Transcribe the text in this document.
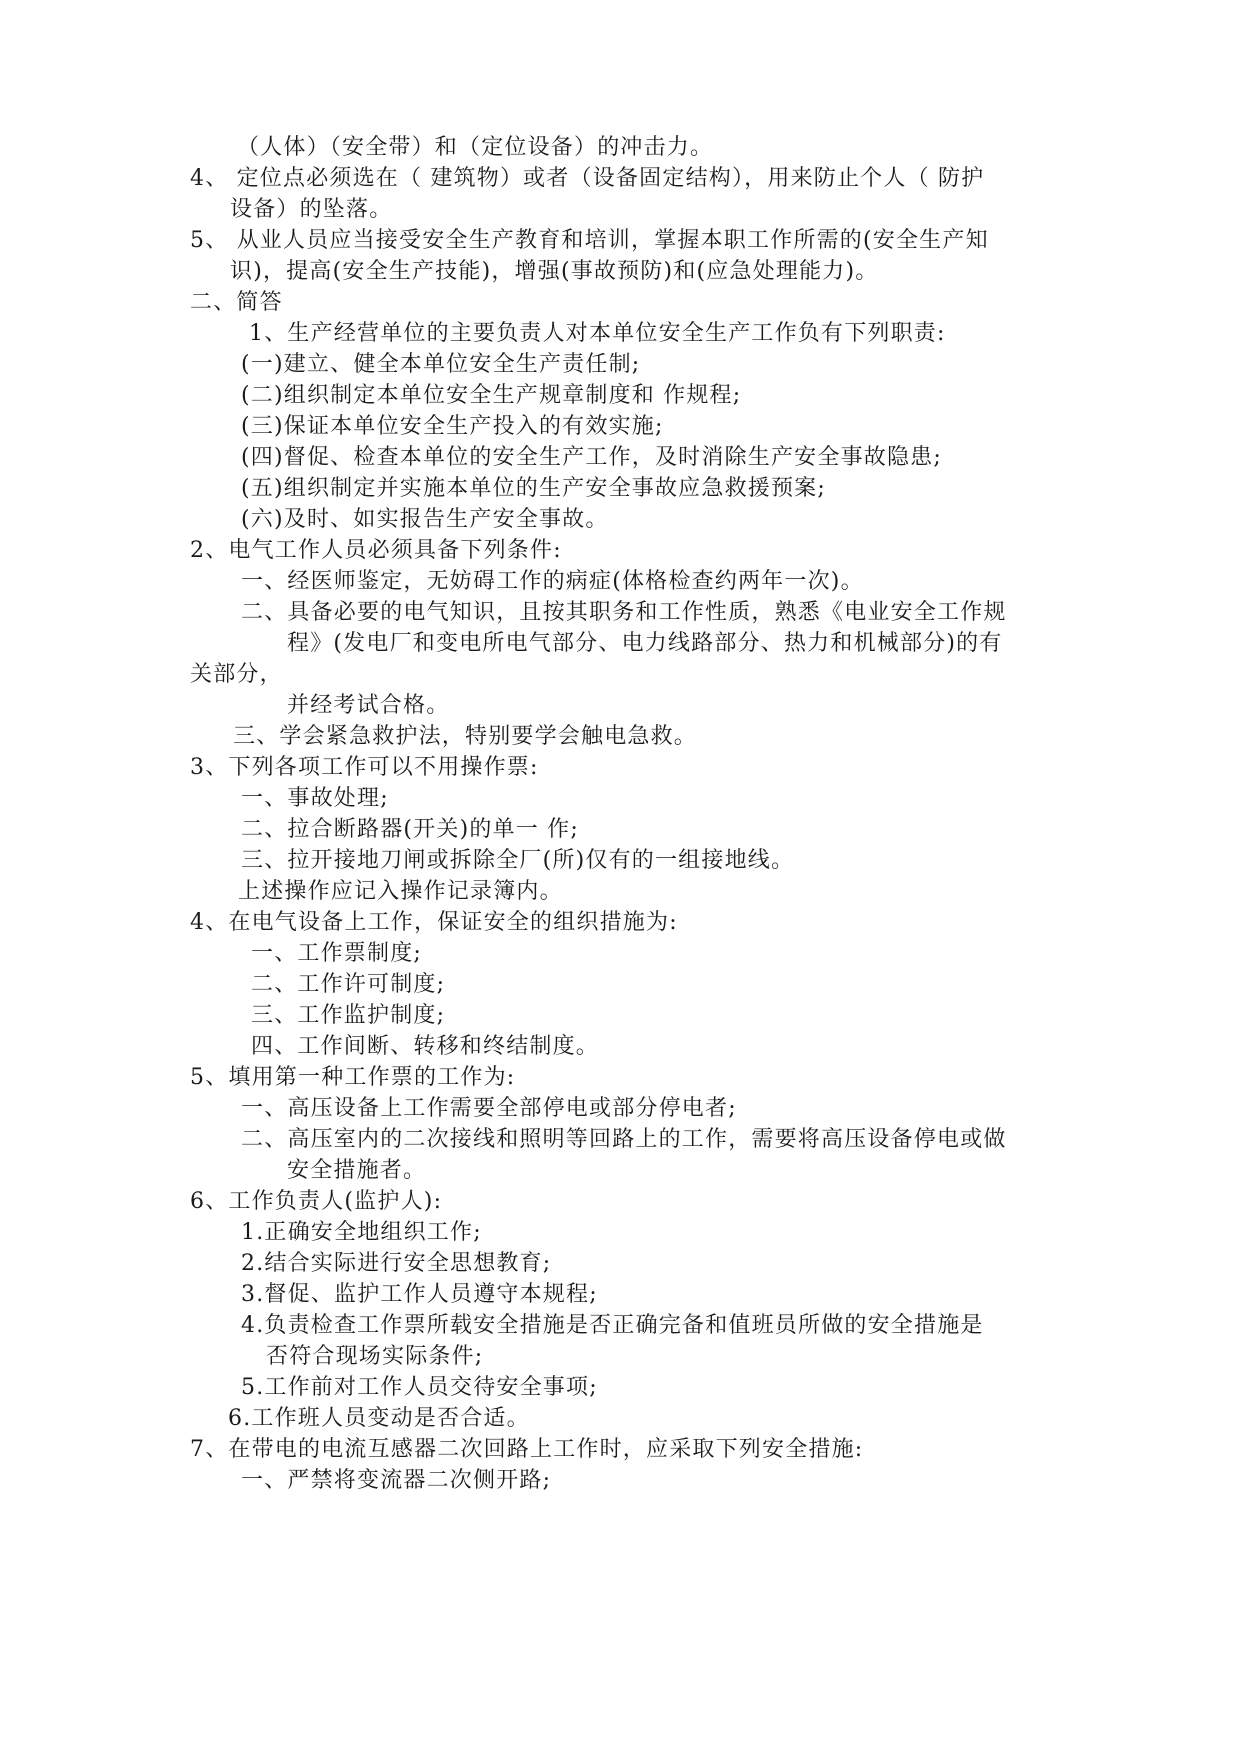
（人体）（安全带）和（定位设备）的冲击力。
4、 定位点必须选在（ 建筑物）或者（设备固定结构），用来防止个人（ 防护
设备）的坠落。
5、 从业人员应当接受安全生产教育和培训，掌握本职工作所需的(安全生产知
识)，提高(安全生产技能)，增强(事故预防)和(应急处理能力)。
二、简答
1、生产经营单位的主要负责人对本单位安全生产工作负有下列职责:
(一)建立、健全本单位安全生产责任制;
(二)组织制定本单位安全生产规章制度和 作规程;
(三)保证本单位安全生产投入的有效实施;
(四)督促、检查本单位的安全生产工作，及时消除生产安全事故隐患;
(五)组织制定并实施本单位的生产安全事故应急救援预案;
(六)及时、如实报告生产安全事故。
2、电气工作人员必须具备下列条件:
一、经医师鉴定，无妨碍工作的病症(体格检查约两年一次)。
二、具备必要的电气知识，且按其职务和工作性质，熟悉《电业安全工作规
程》(发电厂和变电所电气部分、电力线路部分、热力和机械部分)的有
关部分，
并经考试合格。
三、学会紧急救护法，特别要学会触电急救。
3、下列各项工作可以不用操作票:
一、事故处理;
二、拉合断路器(开关)的单一 作;
三、拉开接地刀闸或拆除全厂(所)仅有的一组接地线。
上述操作应记入操作记录簿内。
4、在电气设备上工作，保证安全的组织措施为:
一、工作票制度;
二、工作许可制度;
三、工作监护制度;
四、工作间断、转移和终结制度。
5、填用第一种工作票的工作为:
一、高压设备上工作需要全部停电或部分停电者;
二、高压室内的二次接线和照明等回路上的工作，需要将高压设备停电或做
安全措施者。
6、工作负责人(监护人):
1.正确安全地组织工作;
2.结合实际进行安全思想教育;
3.督促、监护工作人员遵守本规程;
4.负责检查工作票所载安全措施是否正确完备和值班员所做的安全措施是
否符合现场实际条件;
5.工作前对工作人员交待安全事项;
6.工作班人员变动是否合适。
7、在带电的电流互感器二次回路上工作时，应采取下列安全措施:
一、严禁将变流器二次侧开路;
